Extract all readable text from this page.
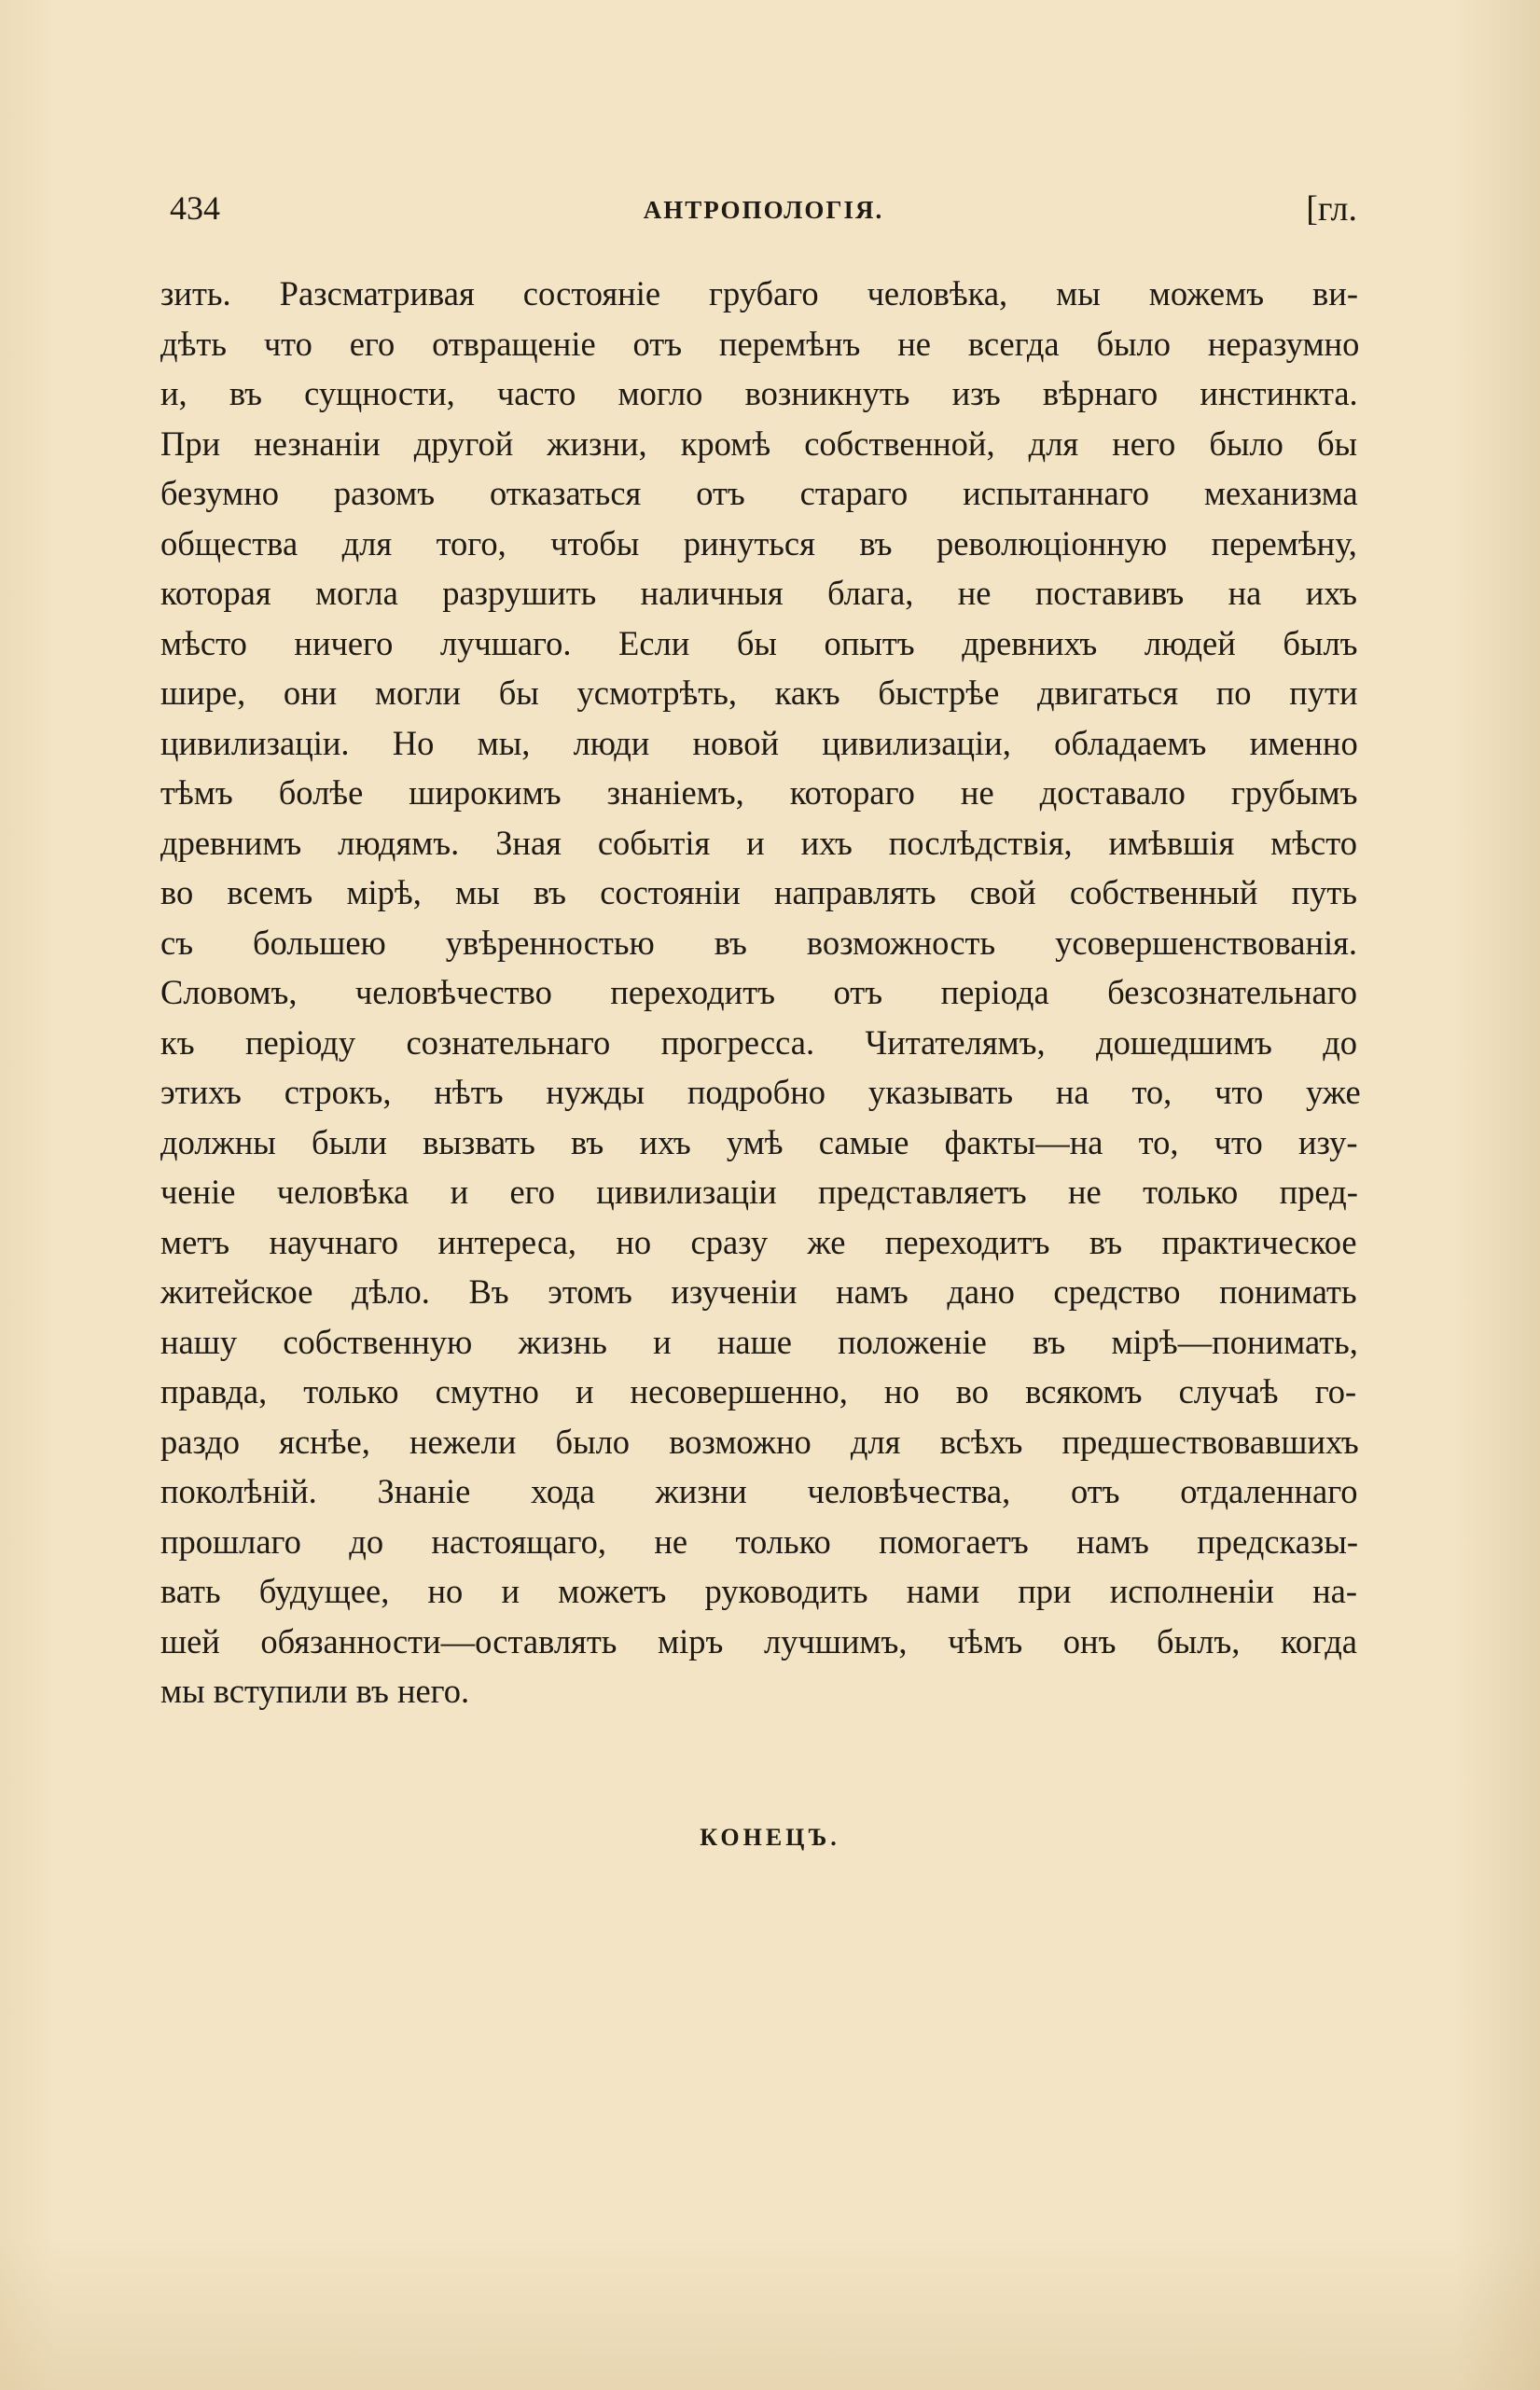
434	АНТРОПОЛОГІЯ.	[гл.
зить. Разсматривая состояніе грубаго человѣка, мы можемъ ви-
дѣть что его отвращеніе отъ перемѣнъ не всегда было неразумно
и, въ сущности, часто могло возникнуть изъ вѣрнаго инстинкта.
При незнаніи другой жизни, кромѣ собственной, для него было бы
безумно разомъ отказаться отъ стараго испытаннаго механизма
общества для того, чтобы ринуться въ революціонную перемѣну,
которая могла разрушить наличныя блага, не поставивъ на ихъ
мѣсто ничего лучшаго. Если бы опытъ древнихъ людей былъ
шире, они могли бы усмотрѣть, какъ быстрѣе двигаться по пути
цивилизаціи. Но мы, люди новой цивилизаціи, обладаемъ именно
тѣмъ болѣе широкимъ знаніемъ, котораго не доставало грубымъ
древнимъ людямъ. Зная событія и ихъ послѣдствія, имѣвшія мѣсто
во всемъ мірѣ, мы въ состояніи направлять свой собственный путь
съ большею увѣренностью въ возможность усовершенствованія.
Словомъ, человѣчество переходитъ отъ періода безсознательнаго
къ періоду сознательнаго прогресса. Читателямъ, дошедшимъ до
этихъ строкъ, нѣтъ нужды подробно указывать на то, что уже
должны были вызвать въ ихъ умѣ самые факты—на то, что изу-
ченіе человѣка и его цивилизаціи представляетъ не только пред-
метъ научнаго интереса, но сразу же переходитъ въ практическое
житейское дѣло. Въ этомъ изученіи намъ дано средство понимать
нашу собственную жизнь и наше положеніе въ мірѣ—понимать,
правда, только смутно и несовершенно, но во всякомъ случаѣ го-
раздо яснѣе, нежели было возможно для всѣхъ предшествовавшихъ
поколѣній. Знаніе хода жизни человѣчества, отъ отдаленнаго
прошлаго до настоящаго, не только помогаетъ намъ предсказы-
вать будущее, но и можетъ руководить нами при исполненіи на-
шей обязанности—оставлять міръ лучшимъ, чѣмъ онъ былъ, когда
мы вступили въ него.
КОНЕЦЪ.
